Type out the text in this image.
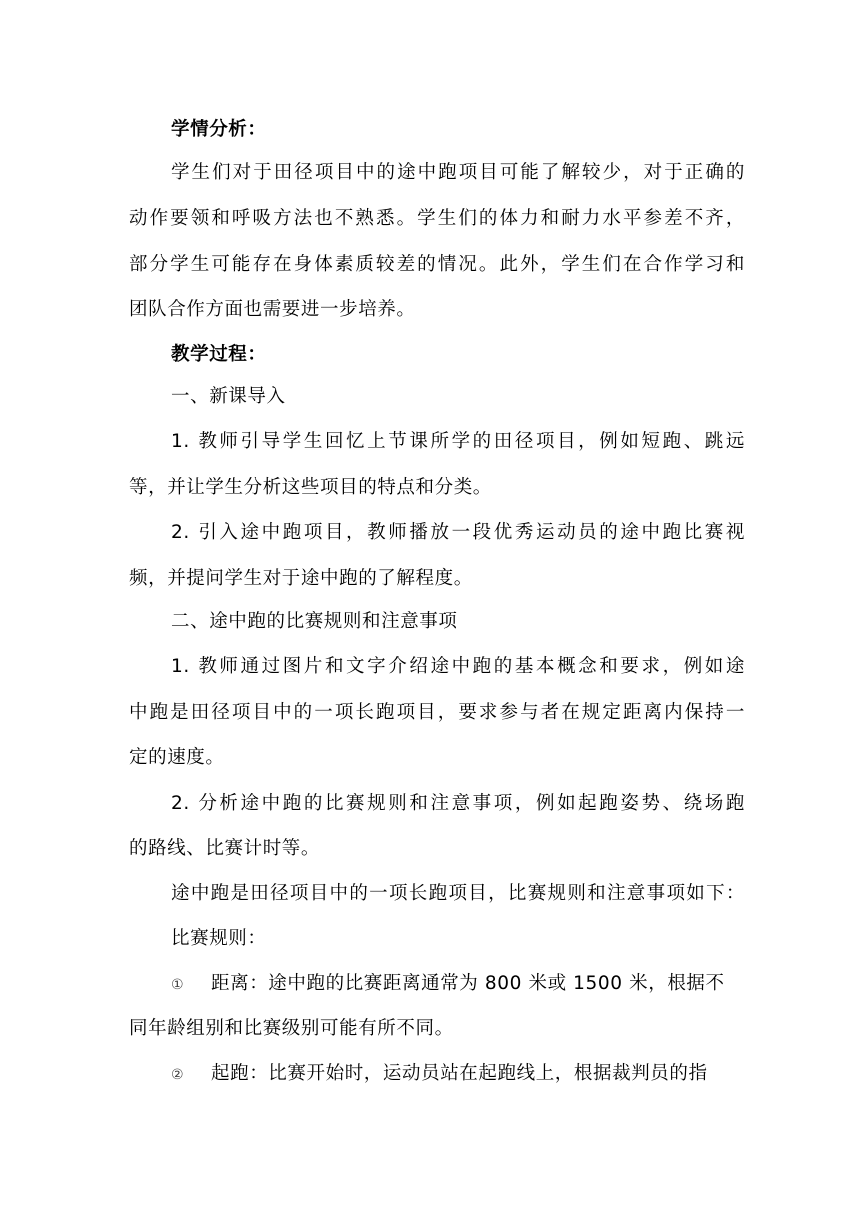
学情分析：
学生们对于田径项目中的途中跑项目可能了解较少，对于正确的
动作要领和呼吸方法也不熟悉。学生们的体力和耐力水平参差不齐，
部分学生可能存在身体素质较差的情况。此外，学生们在合作学习和
团队合作方面也需要进一步培养。
教学过程：
一、新课导入
1. 教师引导学生回忆上节课所学的田径项目，例如短跑、跳远
等，并让学生分析这些项目的特点和分类。
2. 引入途中跑项目，教师播放一段优秀运动员的途中跑比赛视
频，并提问学生对于途中跑的了解程度。
二、途中跑的比赛规则和注意事项
1. 教师通过图片和文字介绍途中跑的基本概念和要求，例如途
中跑是田径项目中的一项长跑项目，要求参与者在规定距离内保持一
定的速度。
2. 分析途中跑的比赛规则和注意事项，例如起跑姿势、绕场跑
的路线、比赛计时等。
途中跑是田径项目中的一项长跑项目，比赛规则和注意事项如下：
比赛规则：
① 距离：途中跑的比赛距离通常为 800 米或 1500 米，根据不
同年龄组别和比赛级别可能有所不同。
② 起跑：比赛开始时，运动员站在起跑线上，根据裁判员的指
